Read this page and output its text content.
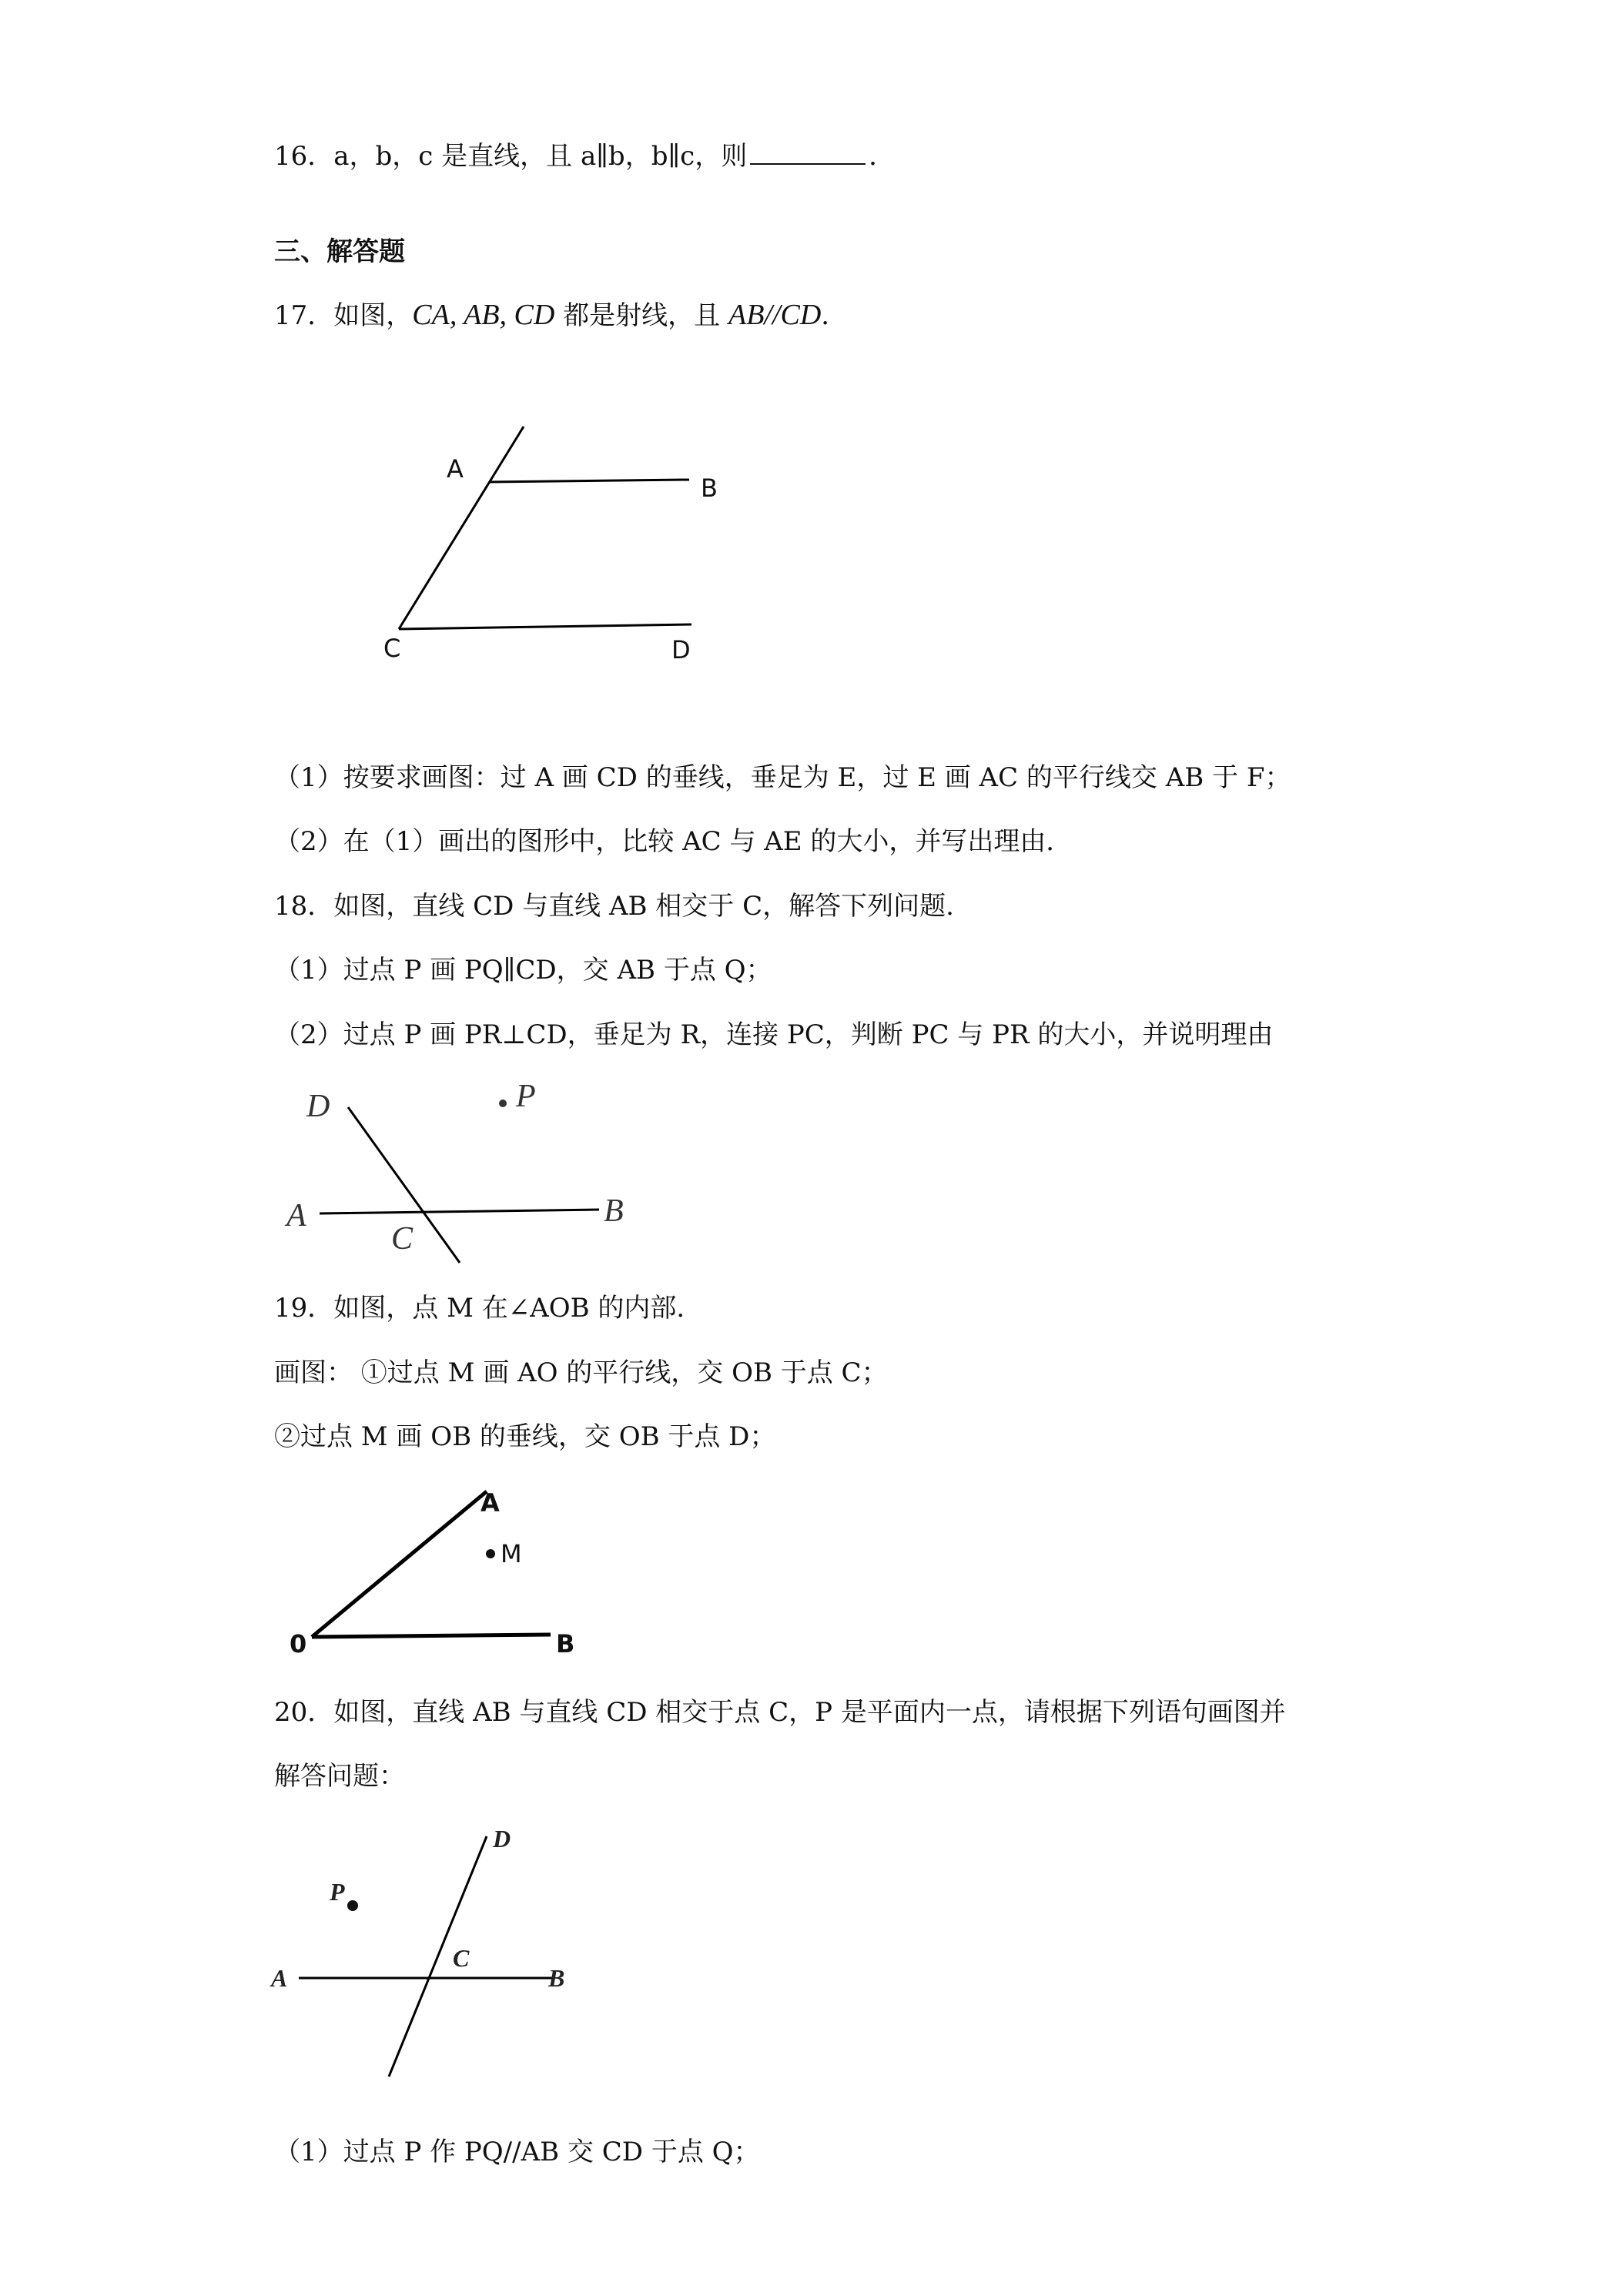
16．a，b，c 是直线，且 a∥b，b∥c，则	．
三、解答题
17．如图，CA, AB, CD 都是射线，且 AB//CD．
A
B
C	D
（1）按要求画图：过 A 画 CD 的垂线，垂足为 E，过 E 画 AC 的平行线交 AB 于 F；
（2）在（1）画出的图形中，比较 AC 与 AE 的大小，并写出理由．
18．如图，直线 CD 与直线 AB 相交于 C，解答下列问题.
（1）过点 P 画 PQ∥CD，交 AB 于点 Q；
（2）过点 P 画 PR⊥CD，垂足为 R，连接 PC，判断 PC 与 PR 的大小，并说明理由
D	P
A	B
C
19．如图，点 M 在∠AOB 的内部.
画图： ①过点 M 画 AO 的平行线，交 OB 于点 C；
②过点 M 画 OB 的垂线，交 OB 于点 D；
A
M
0	B
20．如图，直线 AB 与直线 CD 相交于点 C，P 是平面内一点，请根据下列语句画图并
解答问题：
D
P
C
A	B
（1）过点 P 作 PQ//AB 交 CD 于点 Q；
